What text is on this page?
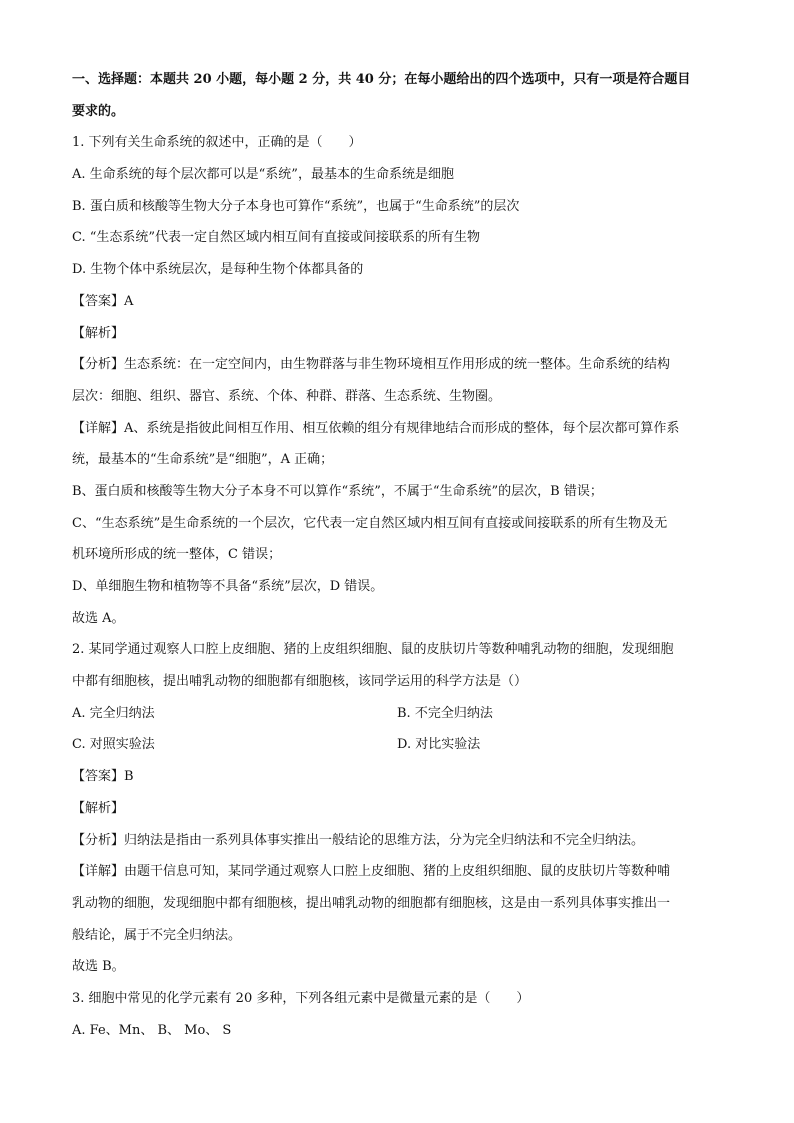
一、选择题：本题共 20 小题，每小题 2 分，共 40 分；在每小题给出的四个选项中，只有一项是符合题目
要求的。
1. 下列有关生命系统的叙述中，正确的是（　　）
A. 生命系统的每个层次都可以是“系统”，最基本的生命系统是细胞
B. 蛋白质和核酸等生物大分子本身也可算作“系统”，也属于“生命系统”的层次
C. “生态系统”代表一定自然区域内相互间有直接或间接联系的所有生物
D. 生物个体中系统层次，是每种生物个体都具备的
【答案】A
【解析】
【分析】生态系统：在一定空间内，由生物群落与非生物环境相互作用形成的统一整体。生命系统的结构
层次：细胞、组织、器官、系统、个体、种群、群落、生态系统、生物圈。
【详解】A、系统是指彼此间相互作用、相互依赖的组分有规律地结合而形成的整体，每个层次都可算作系
统，最基本的“生命系统”是“细胞”，A 正确；
B、蛋白质和核酸等生物大分子本身不可以算作“系统”，不属于“生命系统”的层次，B 错误；
C、“生态系统”是生命系统的一个层次，它代表一定自然区域内相互间有直接或间接联系的所有生物及无
机环境所形成的统一整体，C 错误；
D、单细胞生物和植物等不具备“系统”层次，D 错误。
故选 A。
2. 某同学通过观察人口腔上皮细胞、猪的上皮组织细胞、鼠的皮肤切片等数种哺乳动物的细胞，发现细胞
中都有细胞核，提出哺乳动物的细胞都有细胞核，该同学运用的科学方法是（）
A. 完全归纳法	B. 不完全归纳法
C. 对照实验法	D. 对比实验法
【答案】B
【解析】
【分析】归纳法是指由一系列具体事实推出一般结论的思维方法，分为完全归纳法和不完全归纳法。
【详解】由题干信息可知，某同学通过观察人口腔上皮细胞、猪的上皮组织细胞、鼠的皮肤切片等数种哺
乳动物的细胞，发现细胞中都有细胞核，提出哺乳动物的细胞都有细胞核，这是由一系列具体事实推出一
般结论，属于不完全归纳法。
故选 B。
3. 细胞中常见的化学元素有 20 多种，下列各组元素中是微量元素的是（　　）
A. Fe、Mn、 B、 Mo、 S
